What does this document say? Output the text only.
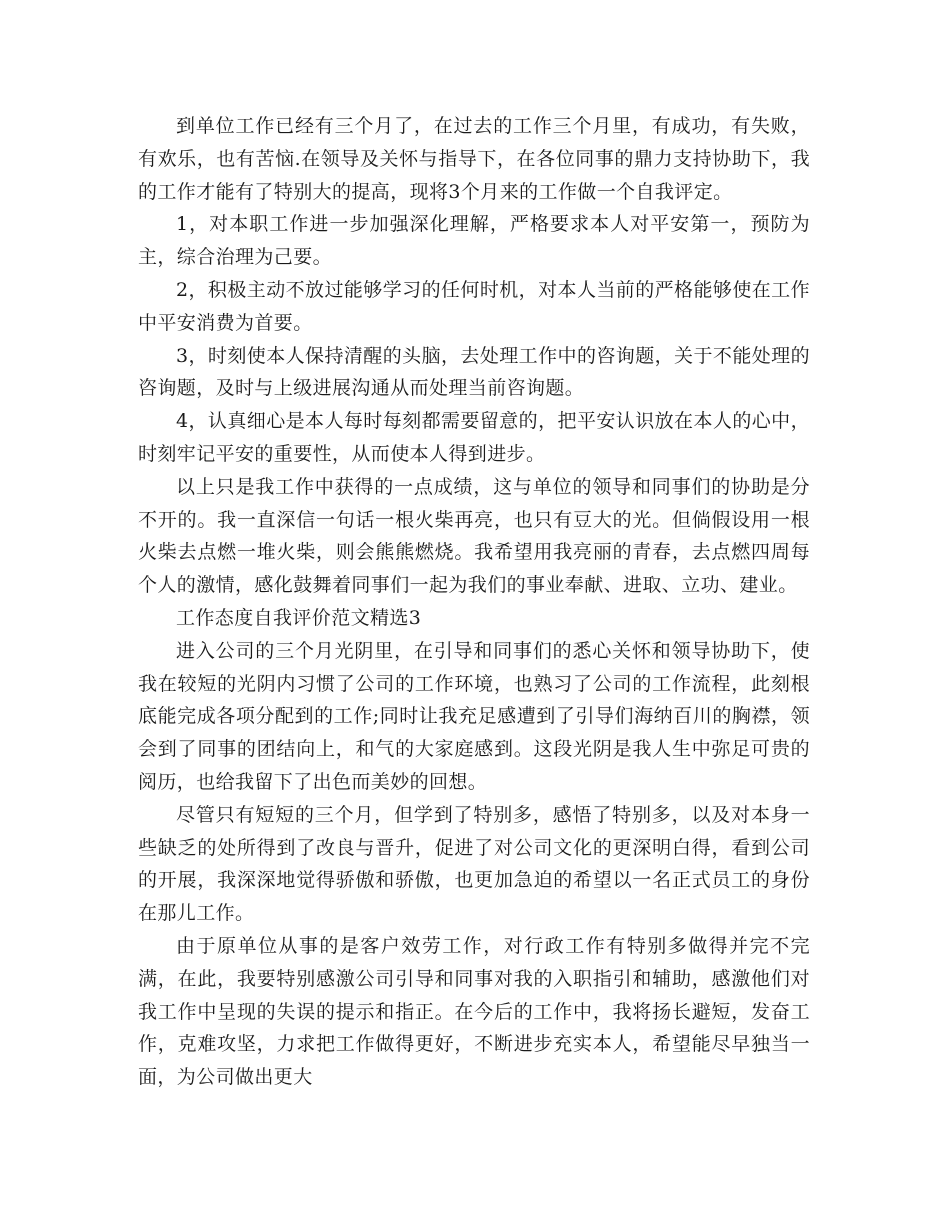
到单位工作已经有三个月了，在过去的工作三个月里，有成功，有失败，有欢乐，也有苦恼.在领导及关怀与指导下，在各位同事的鼎力支持协助下，我的工作才能有了特别大的提高，现将3个月来的工作做一个自我评定。

1，对本职工作进一步加强深化理解，严格要求本人对平安第一，预防为主，综合治理为己要。

2，积极主动不放过能够学习的任何时机，对本人当前的严格能够使在工作中平安消费为首要。

3，时刻使本人保持清醒的头脑，去处理工作中的咨询题，关于不能处理的咨询题，及时与上级进展沟通从而处理当前咨询题。

4，认真细心是本人每时每刻都需要留意的，把平安认识放在本人的心中，时刻牢记平安的重要性，从而使本人得到进步。

以上只是我工作中获得的一点成绩，这与单位的领导和同事们的协助是分不开的。我一直深信一句话一根火柴再亮，也只有豆大的光。但倘假设用一根火柴去点燃一堆火柴，则会熊熊燃烧。我希望用我亮丽的青春，去点燃四周每个人的激情，感化鼓舞着同事们一起为我们的事业奉献、进取、立功、建业。

工作态度自我评价范文精选3

进入公司的三个月光阴里，在引导和同事们的悉心关怀和领导协助下，使我在较短的光阴内习惯了公司的工作环境，也熟习了公司的工作流程，此刻根底能完成各项分配到的工作;同时让我充足感遭到了引导们海纳百川的胸襟，领会到了同事的团结向上，和气的大家庭感到。这段光阴是我人生中弥足可贵的阅历，也给我留下了出色而美妙的回想。

尽管只有短短的三个月，但学到了特别多，感悟了特别多，以及对本身一些缺乏的处所得到了改良与晋升，促进了对公司文化的更深明白得，看到公司的开展，我深深地觉得骄傲和骄傲，也更加急迫的希望以一名正式员工的身份在那儿工作。

由于原单位从事的是客户效劳工作，对行政工作有特别多做得并完不完满，在此，我要特别感激公司引导和同事对我的入职指引和辅助，感激他们对我工作中呈现的失误的提示和指正。在今后的工作中，我将扬长避短，发奋工作，克难攻坚，力求把工作做得更好，不断进步充实本人，希望能尽早独当一面，为公司做出更大
